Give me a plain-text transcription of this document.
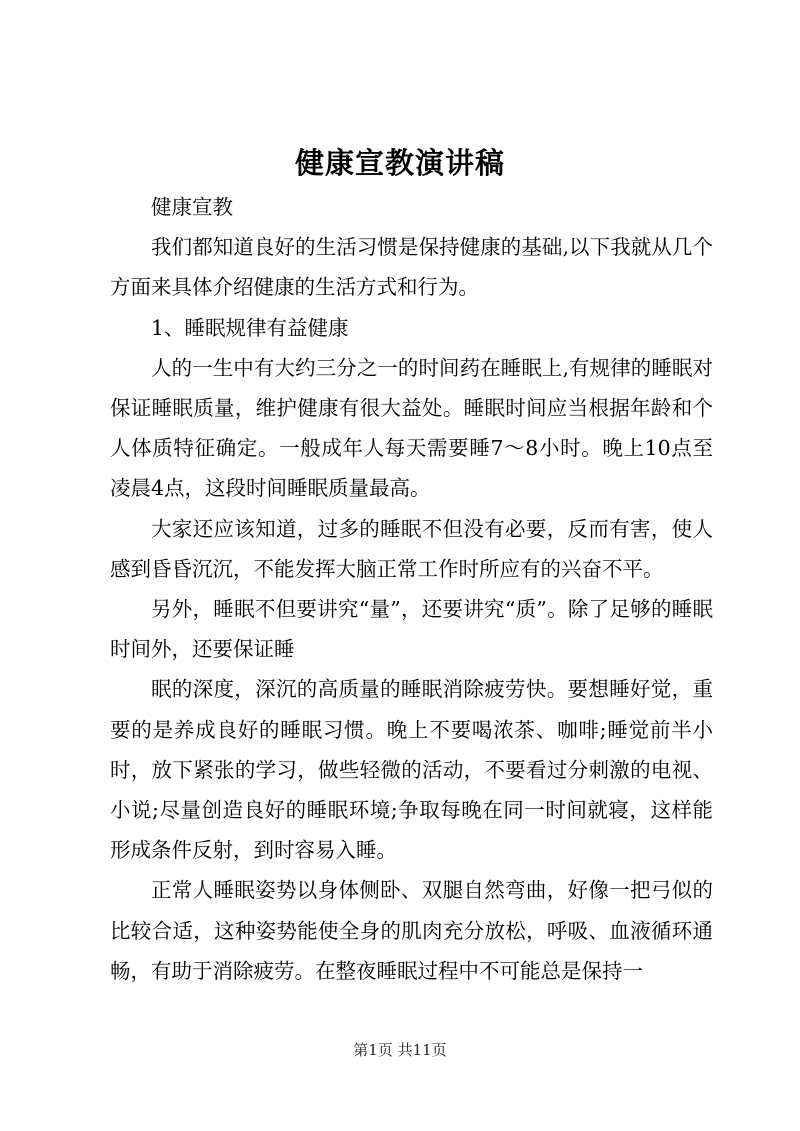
健康宣教演讲稿

健康宣教

我们都知道良好的生活习惯是保持健康的基础,以下我就从几个方面来具体介绍健康的生活方式和行为。

1、睡眠规律有益健康

人的一生中有大约三分之一的时间药在睡眠上,有规律的睡眠对保证睡眠质量，维护健康有很大益处。睡眠时间应当根据年龄和个人体质特征确定。一般成年人每天需要睡7～8小时。晚上10点至凌晨4点，这段时间睡眠质量最高。

大家还应该知道，过多的睡眠不但没有必要，反而有害，使人感到昏昏沉沉，不能发挥大脑正常工作时所应有的兴奋不平。

另外，睡眠不但要讲究“量”，还要讲究“质”。除了足够的睡眠时间外，还要保证睡

眠的深度，深沉的高质量的睡眠消除疲劳快。要想睡好觉，重要的是养成良好的睡眠习惯。晚上不要喝浓茶、咖啡;睡觉前半小时，放下紧张的学习，做些轻微的活动，不要看过分刺激的电视、小说;尽量创造良好的睡眠环境;争取每晚在同一时间就寝，这样能形成条件反射，到时容易入睡。

正常人睡眠姿势以身体侧卧、双腿自然弯曲，好像一把弓似的比较合适，这种姿势能使全身的肌肉充分放松，呼吸、血液循环通畅，有助于消除疲劳。在整夜睡眠过程中不可能总是保持一

第1页 共11页
